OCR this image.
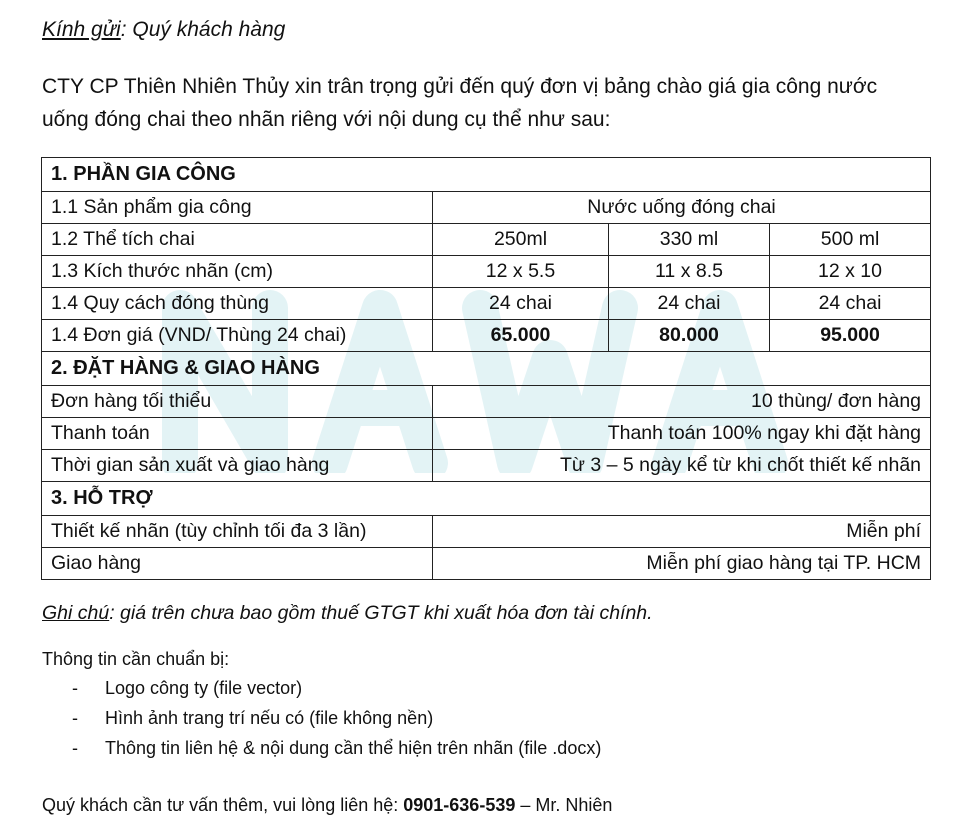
Kính gửi: Quý khách hàng
CTY CP Thiên Nhiên Thủy xin trân trọng gửi đến quý đơn vị bảng chào giá gia công nước uống đóng chai theo nhãn riêng với nội dung cụ thể như sau:
1. PHẦN GIA CÔNG			
1.1 Sản phẩm gia công	Nước uống đóng chai		
1.2 Thể tích chai	250ml	330 ml	500 ml
1.3 Kích thước nhãn (cm)	12 x 5.5	11 x 8.5	12 x 10
1.4 Quy cách đóng thùng	24 chai	24 chai	24 chai
1.4 Đơn giá (VND/ Thùng 24 chai)	65.000	80.000	95.000
2. ĐẶT HÀNG & GIAO HÀNG			
Đơn hàng tối thiểu	10 thùng/ đơn hàng		
Thanh toán	Thanh toán 100% ngay khi đặt hàng		
Thời gian sản xuất và giao hàng	Từ 3 – 5 ngày kể từ khi chốt thiết kế nhãn		
3. HỖ TRỢ			
Thiết kế nhãn (tùy chỉnh tối đa 3 lần)	Miễn phí		
Giao hàng	Miễn phí giao hàng tại TP. HCM		
Ghi chú: giá trên chưa bao gồm thuế GTGT khi xuất hóa đơn tài chính.
Thông tin cần chuẩn bị:
- Logo công ty (file vector)
- Hình ảnh trang trí nếu có (file không nền)
- Thông tin liên hệ & nội dung cần thể hiện trên nhãn (file .docx)
Quý khách cần tư vấn thêm, vui lòng liên hệ: 0901-636-539 – Mr. Nhiên
